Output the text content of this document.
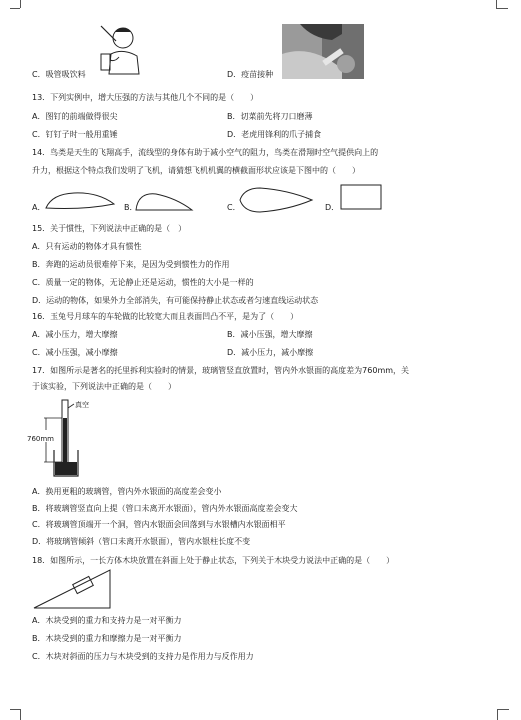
C．吸管吸饮料	D．疫苗接种
13．下列实例中，增大压强的方法与其他几个不同的是（　　）
A．图钉的前端做得很尖	B．切菜前先将刀口磨薄
C．钉钉子时一般用重锤	D．老虎用锋利的爪子捕食
14．鸟类是天生的飞翔高手，流线型的身体有助于减小空气的阻力，鸟类在滑翔时空气提供向上的
升力，根据这个特点我们发明了飞机，请猜想飞机机翼的横截面形状应该是下图中的（　　）
A．	B．	C．	D．
15．关于惯性，下列说法中正确的是（　）
A．只有运动的物体才具有惯性
B．奔跑的运动员很难停下来，是因为受到惯性力的作用
C．质量一定的物体，无论静止还是运动，惯性的大小是一样的
D．运动的物体，如果外力全部消失，有可能保持静止状态或者匀速直线运动状态
16．玉兔号月球车的车轮做的比较宽大而且表面凹凸不平，是为了（　　）
A．减小压力，增大摩擦	B．减小压强，增大摩擦
C．减小压强，减小摩擦	D．减小压力，减小摩擦
17．如图所示是著名的托里拆利实验时的情景，玻璃管竖直放置时，管内外水银面的高度差为760mm，关
于该实验，下列说法中正确的是（　　）
真空
760mm
A．换用更粗的玻璃管，管内外水银面的高度差会变小
B．将玻璃管竖直向上提（管口未离开水银面），管内外水银面高度差会变大
C．将玻璃管顶端开一个洞，管内水银面会回落到与水银槽内水银面相平
D．将玻璃管倾斜（管口未离开水银面），管内水银柱长度不变
18．如图所示，一长方体木块放置在斜面上处于静止状态，下列关于木块受力说法中正确的是（　　）
A．木块受到的重力和支持力是一对平衡力
B．木块受到的重力和摩擦力是一对平衡力
C．木块对斜面的压力与木块受到的支持力是作用力与反作用力
